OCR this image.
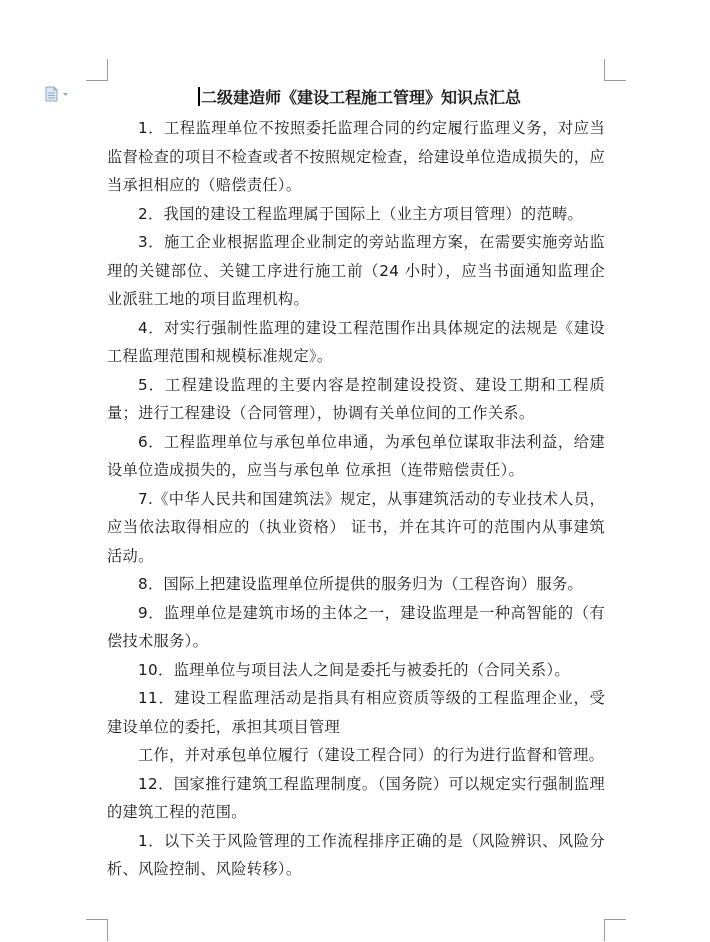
二级建造师《建设工程施工管理》知识点汇总

1．工程监理单位不按照委托监理合同的约定履行监理义务，对应当监督检查的项目不检查或者不按照规定检查，给建设单位造成损失的，应当承担相应的（赔偿责任）。

2．我国的建设工程监理属于国际上（业主方项目管理）的范畴。

3．施工企业根据监理企业制定的旁站监理方案，在需要实施旁站监理的关键部位、关键工序进行施工前（24 小时），应当书面通知监理企业派驻工地的项目监理机构。

4．对实行强制性监理的建设工程范围作出具体规定的法规是《建设工程监理范围和规模标准规定》。

5．工程建设监理的主要内容是控制建设投资、建设工期和工程质量；进行工程建设（合同管理），协调有关单位间的工作关系。

6．工程监理单位与承包单位串通，为承包单位谋取非法利益，给建设单位造成损失的，应当与承包单 位承担（连带赔偿责任）。

7.《中华人民共和国建筑法》规定，从事建筑活动的专业技术人员，应当依法取得相应的（执业资格） 证书，并在其许可的范围内从事建筑活动。

8．国际上把建设监理单位所提供的服务归为（工程咨询）服务。

9．监理单位是建筑市场的主体之一，建设监理是一种高智能的（有偿技术服务）。

10．监理单位与项目法人之间是委托与被委托的（合同关系）。

11．建设工程监理活动是指具有相应资质等级的工程监理企业，受建设单位的委托，承担其项目管理

工作，并对承包单位履行（建设工程合同）的行为进行监督和管理。

12．国家推行建筑工程监理制度。（国务院）可以规定实行强制监理的建筑工程的范围。

1．以下关于风险管理的工作流程排序正确的是（风险辨识、风险分析、风险控制、风险转移）。
